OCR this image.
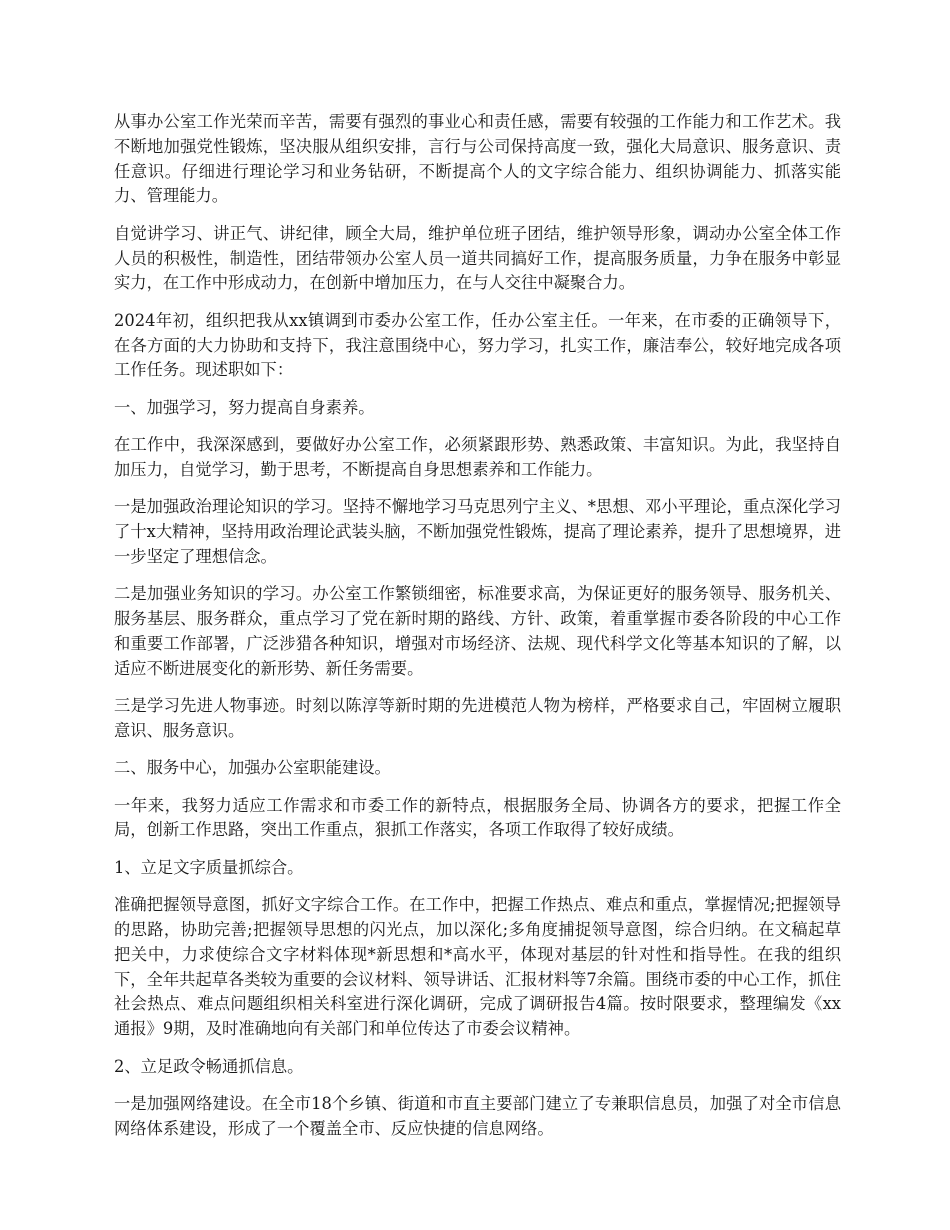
从事办公室工作光荣而辛苦，需要有强烈的事业心和责任感，需要有较强的工作能力和工作艺术。我不断地加强党性锻炼，坚决服从组织安排，言行与公司保持高度一致，强化大局意识、服务意识、责任意识。仔细进行理论学习和业务钻研，不断提高个人的文字综合能力、组织协调能力、抓落实能力、管理能力。

自觉讲学习、讲正气、讲纪律，顾全大局，维护单位班子团结，维护领导形象，调动办公室全体工作人员的积极性，制造性，团结带领办公室人员一道共同搞好工作，提高服务质量，力争在服务中彰显实力，在工作中形成动力，在创新中增加压力，在与人交往中凝聚合力。

2024年初，组织把我从xx镇调到市委办公室工作，任办公室主任。一年来，在市委的正确领导下，在各方面的大力协助和支持下，我注意围绕中心，努力学习，扎实工作，廉洁奉公，较好地完成各项工作任务。现述职如下：

一、加强学习，努力提高自身素养。

在工作中，我深深感到，要做好办公室工作，必须紧跟形势、熟悉政策、丰富知识。为此，我坚持自加压力，自觉学习，勤于思考，不断提高自身思想素养和工作能力。

一是加强政治理论知识的学习。坚持不懈地学习马克思列宁主义、*思想、邓小平理论，重点深化学习了十x大精神，坚持用政治理论武装头脑，不断加强党性锻炼，提高了理论素养，提升了思想境界，进一步坚定了理想信念。

二是加强业务知识的学习。办公室工作繁锁细密，标准要求高，为保证更好的服务领导、服务机关、服务基层、服务群众，重点学习了党在新时期的路线、方针、政策，着重掌握市委各阶段的中心工作和重要工作部署，广泛涉猎各种知识，增强对市场经济、法规、现代科学文化等基本知识的了解，以适应不断进展变化的新形势、新任务需要。

三是学习先进人物事迹。时刻以陈淳等新时期的先进模范人物为榜样，严格要求自己，牢固树立履职意识、服务意识。

二、服务中心，加强办公室职能建设。

一年来，我努力适应工作需求和市委工作的新特点，根据服务全局、协调各方的要求，把握工作全局，创新工作思路，突出工作重点，狠抓工作落实，各项工作取得了较好成绩。

1、立足文字质量抓综合。

准确把握领导意图，抓好文字综合工作。在工作中，把握工作热点、难点和重点，掌握情况;把握领导的思路，协助完善;把握领导思想的闪光点，加以深化;多角度捕捉领导意图，综合归纳。在文稿起草把关中，力求使综合文字材料体现*新思想和*高水平，体现对基层的针对性和指导性。在我的组织下，全年共起草各类较为重要的会议材料、领导讲话、汇报材料等7余篇。围绕市委的中心工作，抓住社会热点、难点问题组织相关科室进行深化调研，完成了调研报告4篇。按时限要求，整理编发《xx通报》9期，及时准确地向有关部门和单位传达了市委会议精神。

2、立足政令畅通抓信息。

一是加强网络建设。在全市18个乡镇、街道和市直主要部门建立了专兼职信息员，加强了对全市信息网络体系建设，形成了一个覆盖全市、反应快捷的信息网络。
